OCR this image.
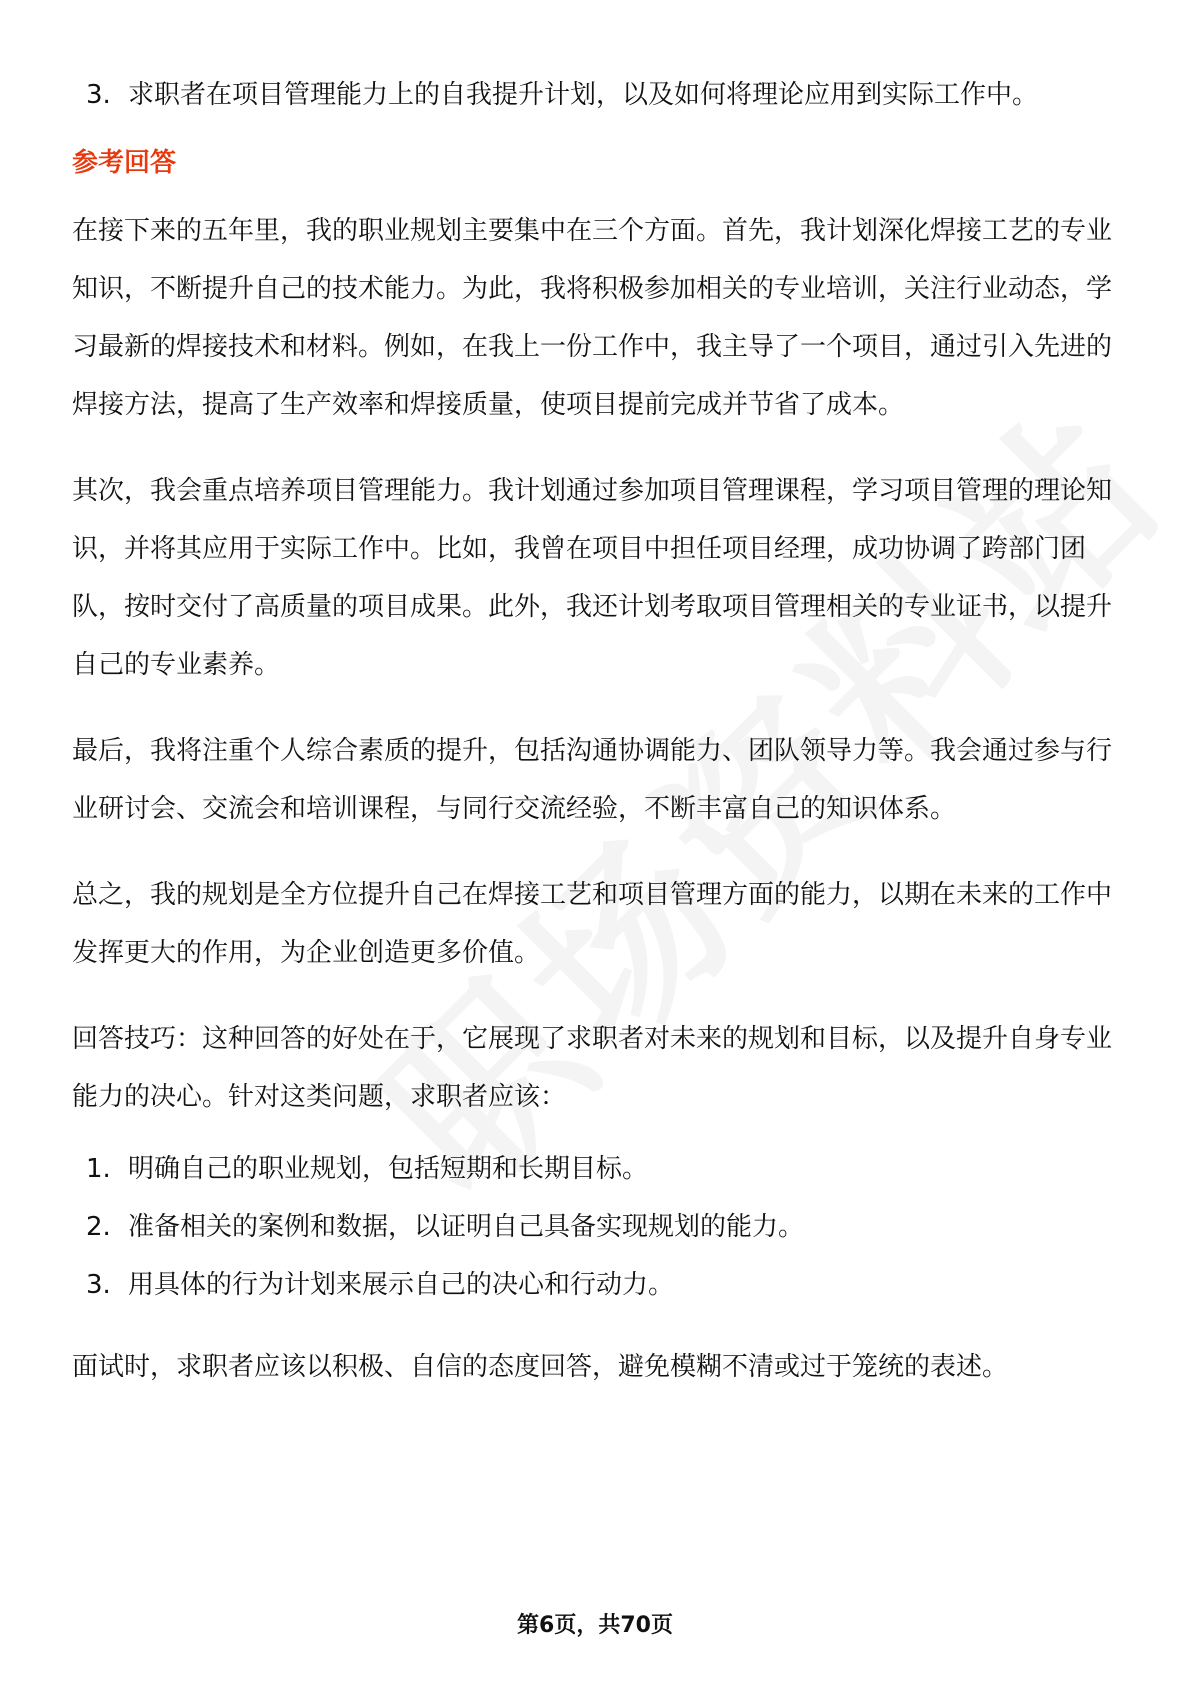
3. 求职者在项目管理能力上的自我提升计划，以及如何将理论应用到实际工作中。
参考回答

在接下来的五年里，我的职业规划主要集中在三个方面。首先，我计划深化焊接工艺的专业知识，不断提升自己的技术能力。为此，我将积极参加相关的专业培训，关注行业动态，学习最新的焊接技术和材料。例如，在我上一份工作中，我主导了一个项目，通过引入先进的焊接方法，提高了生产效率和焊接质量，使项目提前完成并节省了成本。

其次，我会重点培养项目管理能力。我计划通过参加项目管理课程，学习项目管理的理论知识，并将其应用于实际工作中。比如，我曾在项目中担任项目经理，成功协调了跨部门团队，按时交付了高质量的项目成果。此外，我还计划考取项目管理相关的专业证书，以提升自己的专业素养。

最后，我将注重个人综合素质的提升，包括沟通协调能力、团队领导力等。我会通过参与行业研讨会、交流会和培训课程，与同行交流经验，不断丰富自己的知识体系。

总之，我的规划是全方位提升自己在焊接工艺和项目管理方面的能力，以期在未来的工作中发挥更大的作用，为企业创造更多价值。

回答技巧：这种回答的好处在于，它展现了求职者对未来的规划和目标，以及提升自身专业能力的决心。针对这类问题，求职者应该：

1. 明确自己的职业规划，包括短期和长期目标。
2. 准备相关的案例和数据，以证明自己具备实现规划的能力。
3. 用具体的行为计划来展示自己的决心和行动力。

面试时，求职者应该以积极、自信的态度回答，避免模糊不清或过于笼统的表述。

第6页，共70页
